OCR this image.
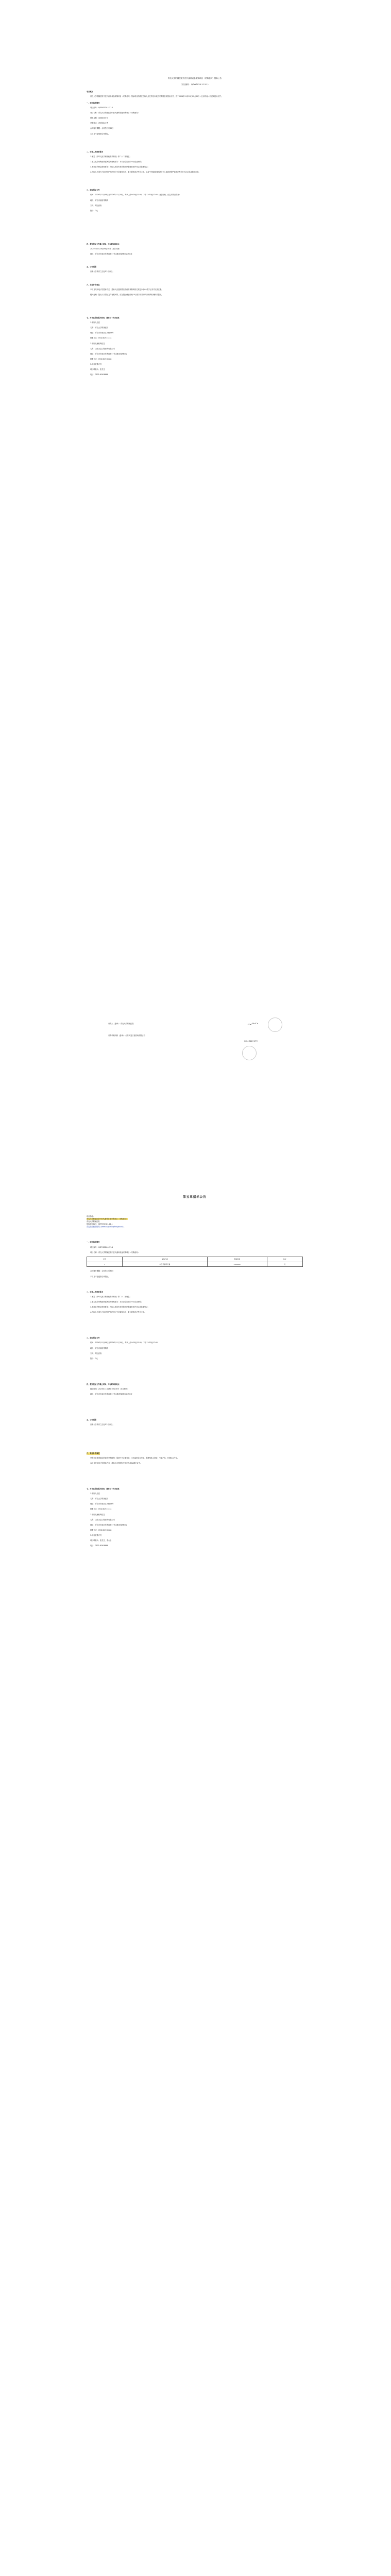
青岛大学附属医院中医代谢科设备采购项目（采购意向）招标公告
（项目编号：QDYY2024-1-11-1）
项目概况

青岛大学附属医院中医代谢科设备采购项目（采购意向）招标项目的潜在投标人应在青岛市政府采购网获取招标文件，并于2024年11月28日09点30分（北京时间）前递交投标文件。

一、项目基本情况

项目编号：QDYY2024-1-11-1

项目名称：青岛大学附属医院中医代谢科设备采购项目（采购意向）

预算金额：壹佰伍拾万元

采购需求：详见招标文件

合同履行期限：合同签订后30日

本项目不接受联合体投标。

二、申请人的资格要求

1.满足《中华人民共和国政府采购法》第二十二条规定；

2.落实政府采购政策需满足的资格要求：本项目专门面向中小企业采购；

3.本项目的特定资格要求：投标人须具有有效的医疗器械经营许可证或备案凭证；

4.投标人不得为“信用中国”网站列入失信被执行人、重大税收违法失信主体，以及“中国政府采购网”列入政府采购严重违法失信行为记录名单的供应商。

三、获取招标文件

时间：2024年11月08日至2024年11月15日，每天上午9:00至11:30，下午13:30至17:00（北京时间，法定节假日除外）

地点：青岛市政府采购网

方式：网上获取

售价：0元

四、提交投标文件截止时间、开标时间和地点

2024年11月28日09点30分（北京时间）

地点：青岛市市南区东海西路37号金都花园A座6层开标室

五、公告期限

自本公告发布之日起5个工作日。

六、其他补充事宜

本项目采用电子招投标方式，投标人应按照青岛市政府采购网有关规定办理CA数字证书并完成注册。

疑问处理：投标人对招标文件有疑问的，应在投标截止时间10日前以书面形式向采购代理机构提出。

七、对本次招标提出询问，请按以下方式联系

1.采购人信息

名称：青岛大学附属医院

地址：青岛市市南区江苏路16号

联系方式：0532-82911234

2.采购代理机构信息

名称：山东天鉴工程咨询有限公司

地址：青岛市市南区东海西路37号金都花园A座6层

联系方式：0532-82918888

3.项目联系方式

项目联系人：张先生

电话：0532-82918888

采购人（盖章）：青岛大学附属医院
采购代理机构（盖章）：山东天鉴工程咨询有限公司
2024年11月07日
第五章招标公告
项目名称：
青岛大学附属医院中医代谢科设备采购项目（采购意向）
青岛大学附属医院
招标项目编号：QDYY2024-1-11-1
青岛市政府采购网（www.ccgp-qingdao.gov.cn）
一、项目基本情况

项目编号：QDYY2024-1-11-1

项目名称：青岛大学附属医院中医代谢科设备采购项目（采购意向）

序号	采购内容	预算金额	单位
1	中医代谢科设备	1500000	元

合同履行期限：合同签订后30日

本项目不接受联合体投标。

二、申请人的资格要求

1.满足《中华人民共和国政府采购法》第二十二条规定；

2.落实政府采购政策需满足的资格要求：本项目专门面向中小企业采购；

3.本项目的特定资格要求：投标人须具有有效的医疗器械经营许可证或备案凭证；

4.投标人不得为“信用中国”网站列入失信被执行人、重大税收违法失信主体。

三、获取招标文件

时间：2024年11月08日至2024年11月15日，每天上午9:00至11:30，下午13:30至17:00

地点：青岛市政府采购网

方式：网上获取

售价：0元

四、提交投标文件截止时间、开标时间和地点

截止时间：2024年11月28日09点30分（北京时间）

地点：青岛市市南区东海西路37号金都花园A座6层开标室

五、公告期限

自本公告发布之日起5个工作日。

六、其他补充事宜

采购项目需要落实的政府采购政策：促进中小企业发展、支持监狱企业发展、促进残疾人就业、节能产品、环境标志产品。

本项目采用电子招投标方式，投标人应按照有关规定办理CA数字证书。

七、对本次招标提出询问，请按以下方式联系

1.采购人信息

名称：青岛大学附属医院

地址：青岛市市南区江苏路16号

联系方式：0532-82911234

2.采购代理机构信息

名称：山东天鉴工程咨询有限公司

地址：青岛市市南区东海西路37号金都花园A座6层

联系方式：0532-82918888

3.项目联系方式

项目联系人：张先生、李女士

电话：0532-82918888
